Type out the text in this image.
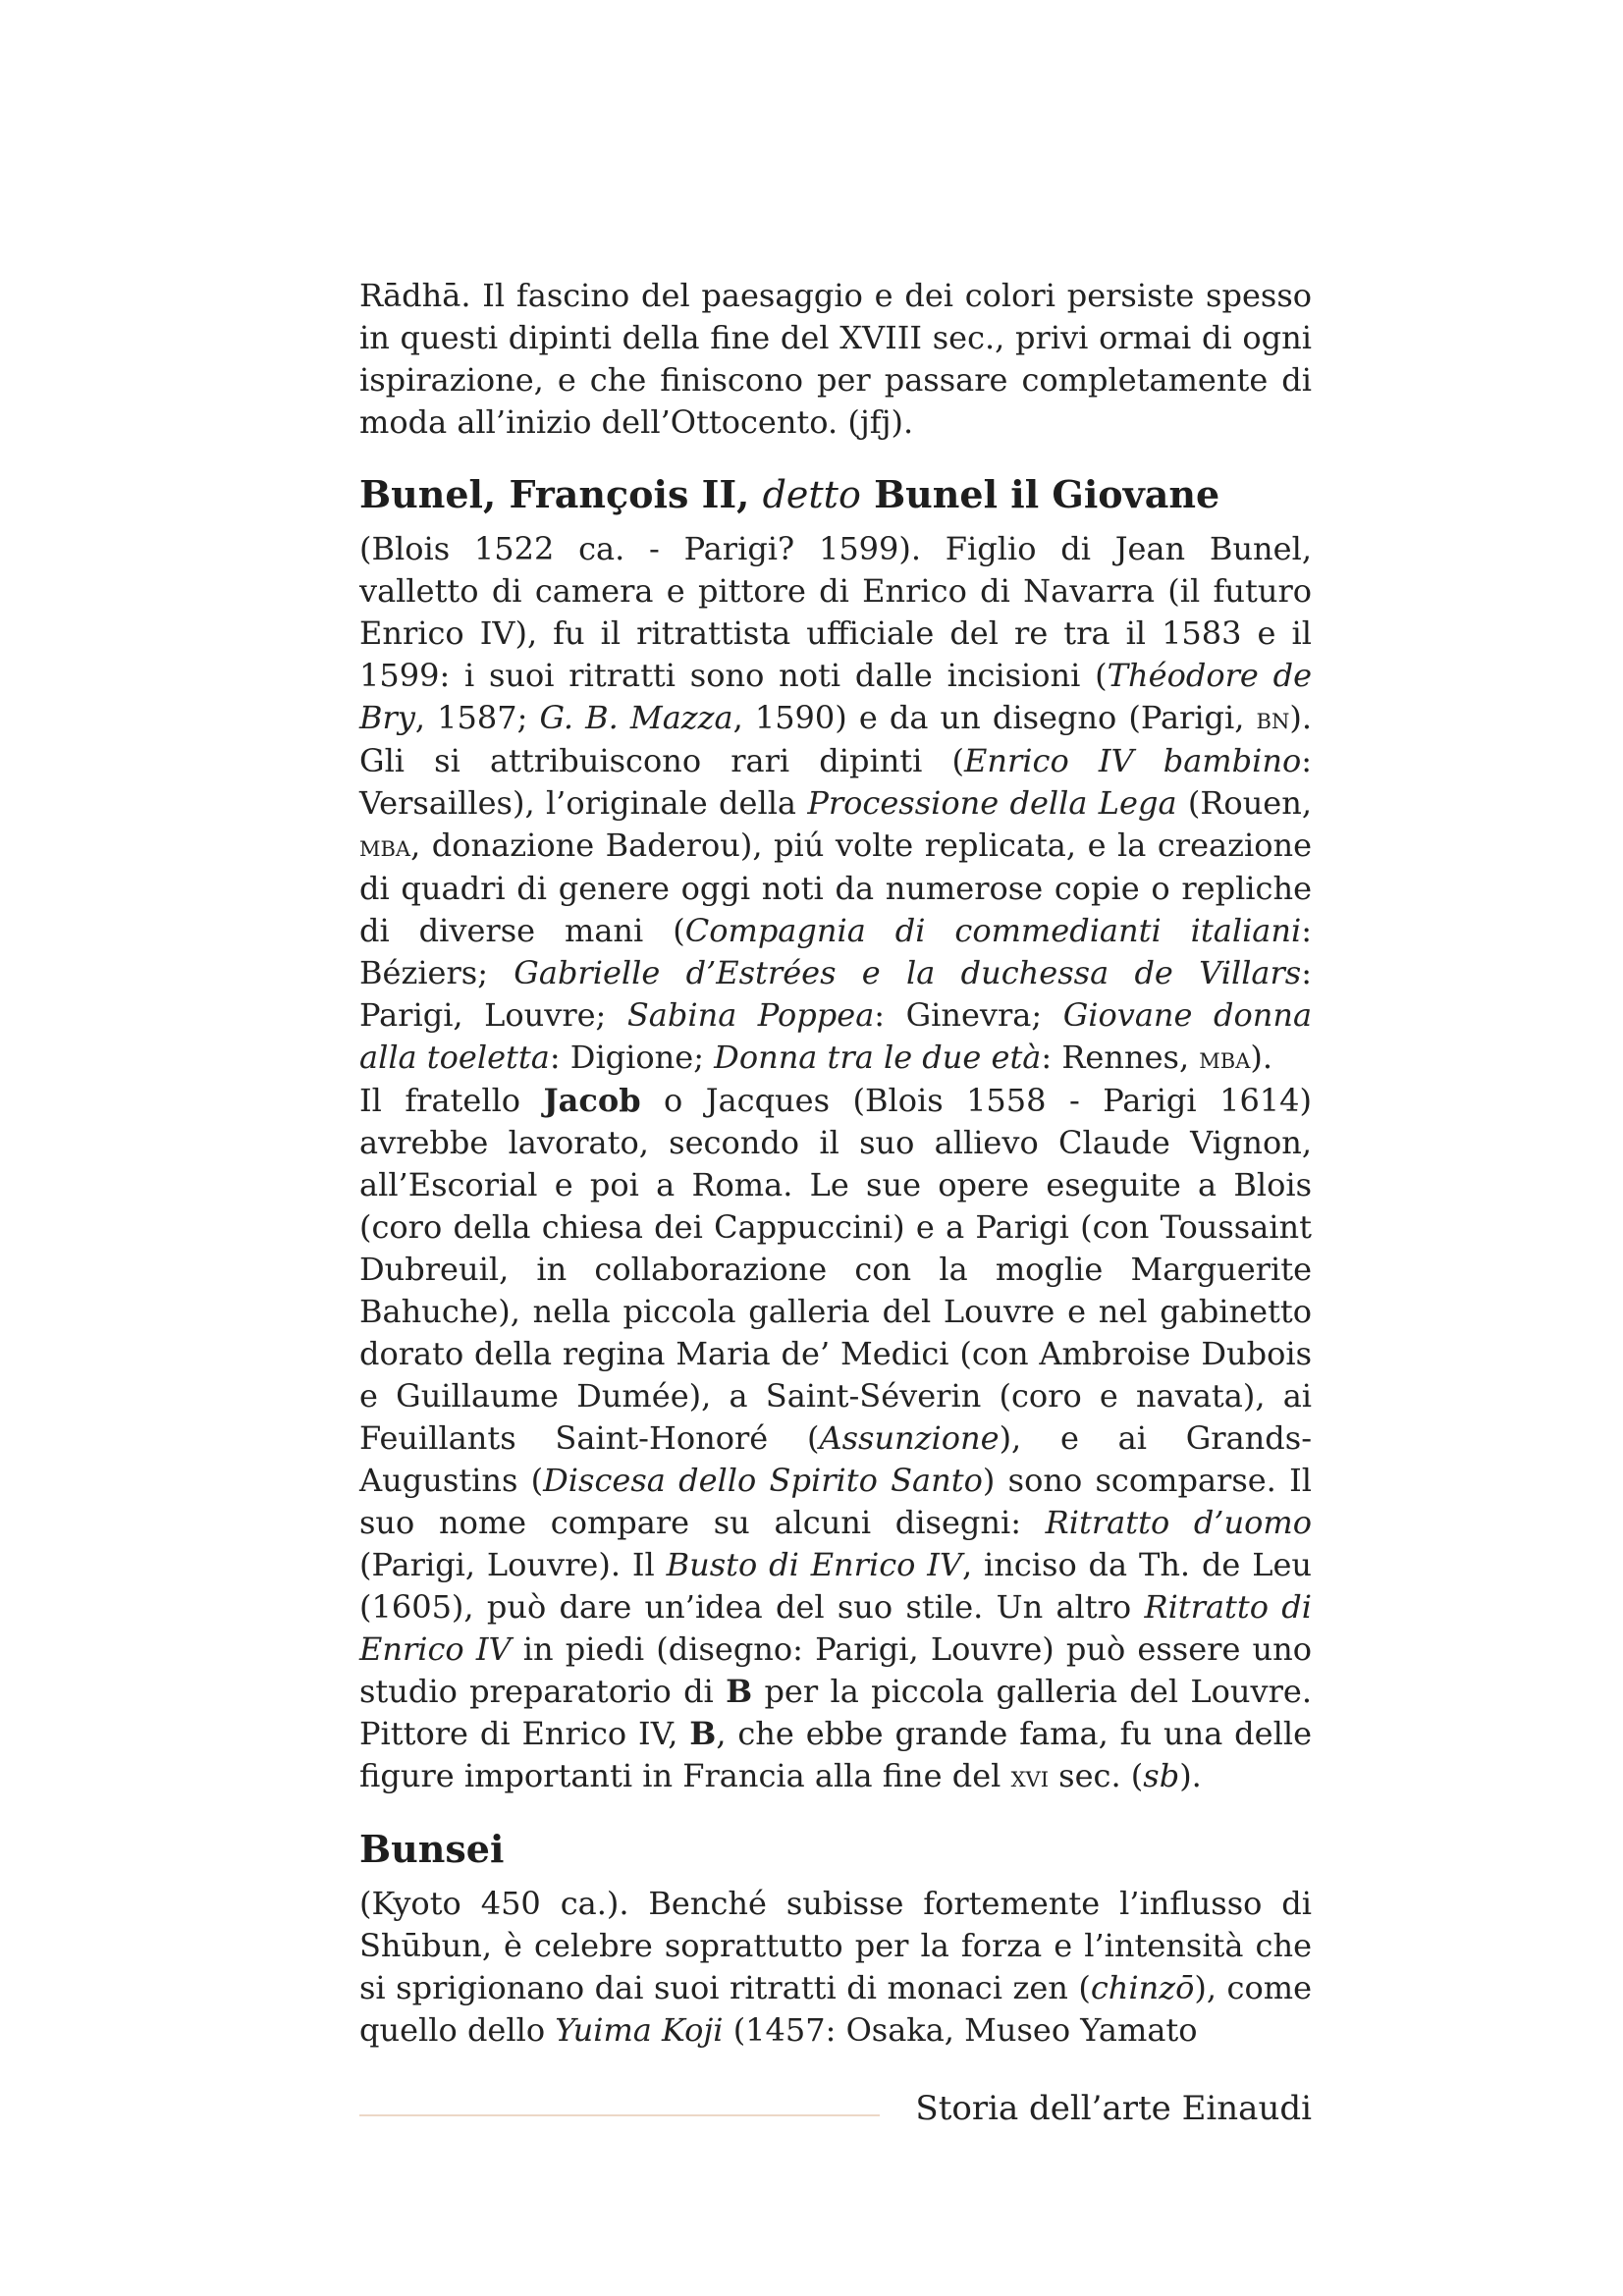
Rādhā. Il fascino del paesaggio e dei colori persiste spesso in questi dipinti della fine del XVIII sec., privi ormai di ogni ispirazione, e che finiscono per passare completamente di moda all’inizio dell’Ottocento. (jfj).

Bunel, François II, detto Bunel il Giovane

(Blois 1522 ca. - Parigi? 1599). Figlio di Jean Bunel, valletto di camera e pittore di Enrico di Navarra (il futuro Enrico IV), fu il ritrattista ufficiale del re tra il 1583 e il 1599: i suoi ritratti sono noti dalle incisioni (Théodore de Bry, 1587; G. B. Mazza, 1590) e da un disegno (Parigi, bn). Gli si attribuiscono rari dipinti (Enrico IV bambino: Versailles), l’originale della Processione della Lega (Rouen, mba, donazione Baderou), piú volte replicata, e la creazione di quadri di genere oggi noti da numerose copie o repliche di diverse mani (Compagnia di commedianti italiani: Béziers; Gabrielle d’Estrées e la duchessa de Villars: Parigi, Louvre; Sabina Poppea: Ginevra; Giovane donna alla toeletta: Digione; Donna tra le due età: Rennes, mba).

Il fratello Jacob o Jacques (Blois 1558 - Parigi 1614) avrebbe lavorato, secondo il suo allievo Claude Vignon, all’Escorial e poi a Roma. Le sue opere eseguite a Blois (coro della chiesa dei Cappuccini) e a Parigi (con Toussaint Dubreuil, in collaborazione con la moglie Marguerite Bahuche), nella piccola galleria del Louvre e nel gabinetto dorato della regina Maria de’ Medici (con Ambroise Dubois e Guillaume Dumée), a Saint-Séverin (coro e navata), ai Feuillants Saint-Honoré (Assunzione), e ai Grands-Augustins (Discesa dello Spirito Santo) sono scomparse. Il suo nome compare su alcuni disegni: Ritratto d’uomo (Parigi, Louvre). Il Busto di Enrico IV, inciso da Th. de Leu (1605), può dare un’idea del suo stile. Un altro Ritratto di Enrico IV in piedi (disegno: Parigi, Louvre) può essere uno studio preparatorio di B per la piccola galleria del Louvre. Pittore di Enrico IV, B, che ebbe grande fama, fu una delle figure importanti in Francia alla fine del xvi sec. (sb).

Bunsei

(Kyoto 450 ca.). Benché subisse fortemente l’influsso di Shūbun, è celebre soprattutto per la forza e l’intensità che si sprigionano dai suoi ritratti di monaci zen (chinzō), come quello dello Yuima Koji (1457: Osaka, Museo Yamato

Storia dell’arte Einaudi
